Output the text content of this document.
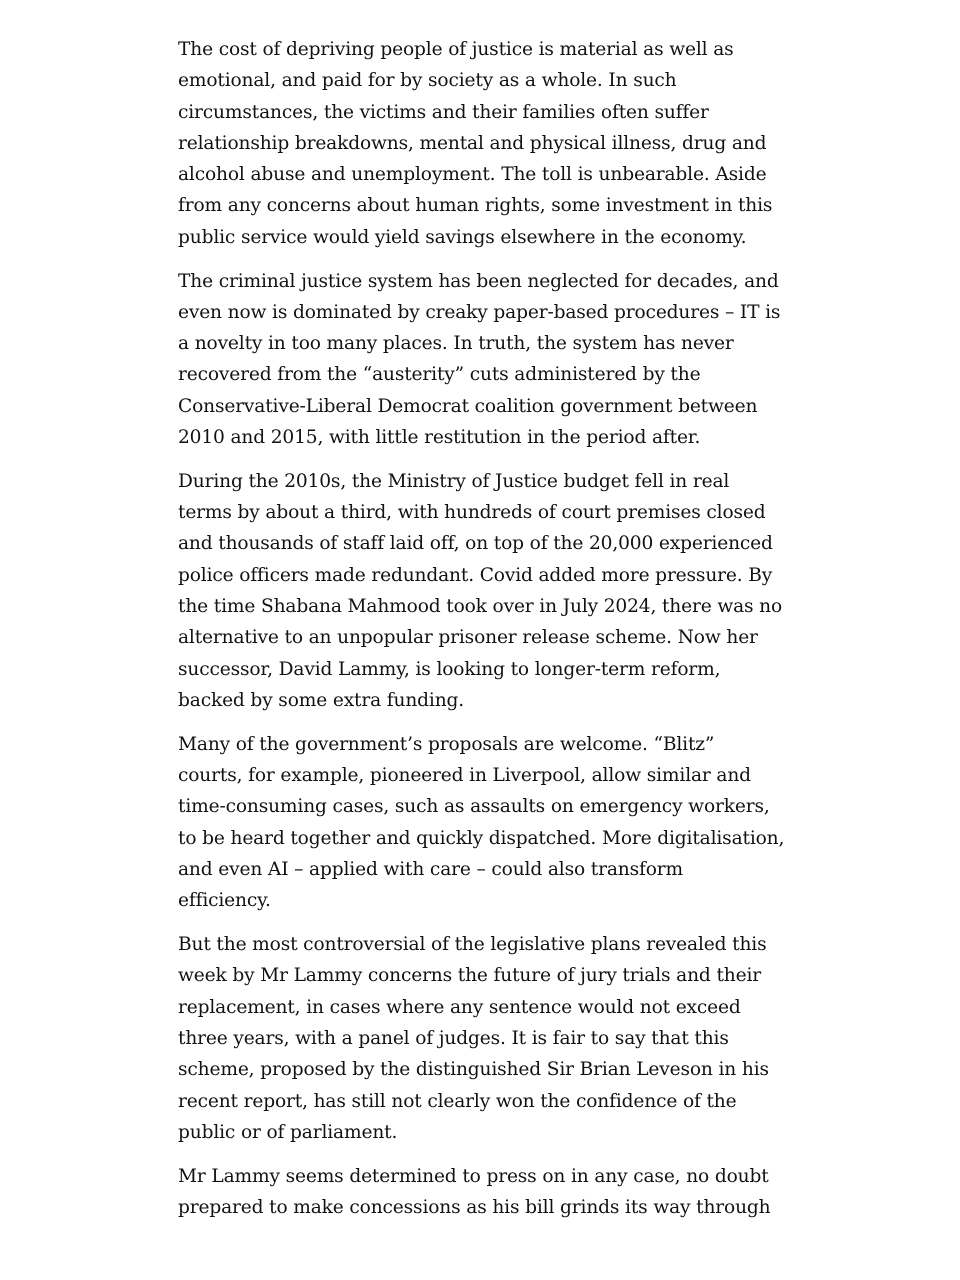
The cost of depriving people of justice is material as well as
emotional, and paid for by society as a whole. In such
circumstances, the victims and their families often suffer
relationship breakdowns, mental and physical illness, drug and
alcohol abuse and unemployment. The toll is unbearable. Aside
from any concerns about human rights, some investment in this
public service would yield savings elsewhere in the economy.

The criminal justice system has been neglected for decades, and
even now is dominated by creaky paper-based procedures – IT is
a novelty in too many places. In truth, the system has never
recovered from the “austerity” cuts administered by the
Conservative-Liberal Democrat coalition government between
2010 and 2015, with little restitution in the period after.

During the 2010s, the Ministry of Justice budget fell in real
terms by about a third, with hundreds of court premises closed
and thousands of staff laid off, on top of the 20,000 experienced
police officers made redundant. Covid added more pressure. By
the time Shabana Mahmood took over in July 2024, there was no
alternative to an unpopular prisoner release scheme. Now her
successor, David Lammy, is looking to longer-term reform,
backed by some extra funding.

Many of the government’s proposals are welcome. “Blitz”
courts, for example, pioneered in Liverpool, allow similar and
time-consuming cases, such as assaults on emergency workers,
to be heard together and quickly dispatched. More digitalisation,
and even AI – applied with care – could also transform
efficiency.

But the most controversial of the legislative plans revealed this
week by Mr Lammy concerns the future of jury trials and their
replacement, in cases where any sentence would not exceed
three years, with a panel of judges. It is fair to say that this
scheme, proposed by the distinguished Sir Brian Leveson in his
recent report, has still not clearly won the confidence of the
public or of parliament.

Mr Lammy seems determined to press on in any case, no doubt
prepared to make concessions as his bill grinds its way through
